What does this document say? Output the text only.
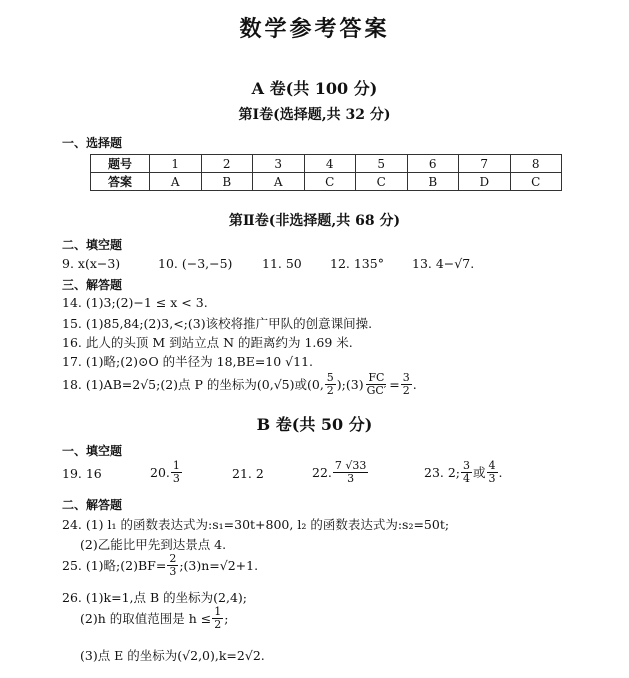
数学参考答案
A 卷(共 100 分)
第Ⅰ卷(选择题,共 32 分)
一、选择题
题号	1	2	3	4	5	6	7	8
答案	A	B	A	C	C	B	D	C
第Ⅱ卷(非选择题,共 68 分)
二、填空题
9. x(x−3)	10. (−3,−5) 11. 50 12. 135° 13. 4−√7.
三、解答题
14. (1)3;(2)−1 ≤ x < 3.
15. (1)85,84;(2)3,<;(3)该校将推广甲队的创意课间操.
16. 此人的头顶 M 到站立点 N 的距离约为 1.69 米.
17. (1)略;(2)⊙O 的半径为 18,BE=10 √11.
18. (1)AB=2√5;(2)点 P 的坐标为(0,√5)或(0, $\frac{5}{2}$ );(3) $\frac{FC}{GC'} = \frac{3}{2}$ .
B 卷(共 50 分)
一、填空题
19. 16	20. $\frac{1}{3}$	21. 2	22. $\frac{7 √33}{3}$	23. 2; $\frac{3}{4}$ 或 $\frac{4}{3}$ .
二、解答题
24. (1) l₁ 的函数表达式为:s₁=30t+800, l₂ 的函数表达式为:s₂=50t;
(2)乙能比甲先到达景点 4.
25. (1)略;(2)BF= $\frac{2}{3}$ ;(3)n=√2+1.
26. (1)k=1,点 B 的坐标为(2,4);
(2)h 的取值范围是 $h \le \frac{1}{2}$ ;
(3)点 E 的坐标为(√2,0),k=2√2.
